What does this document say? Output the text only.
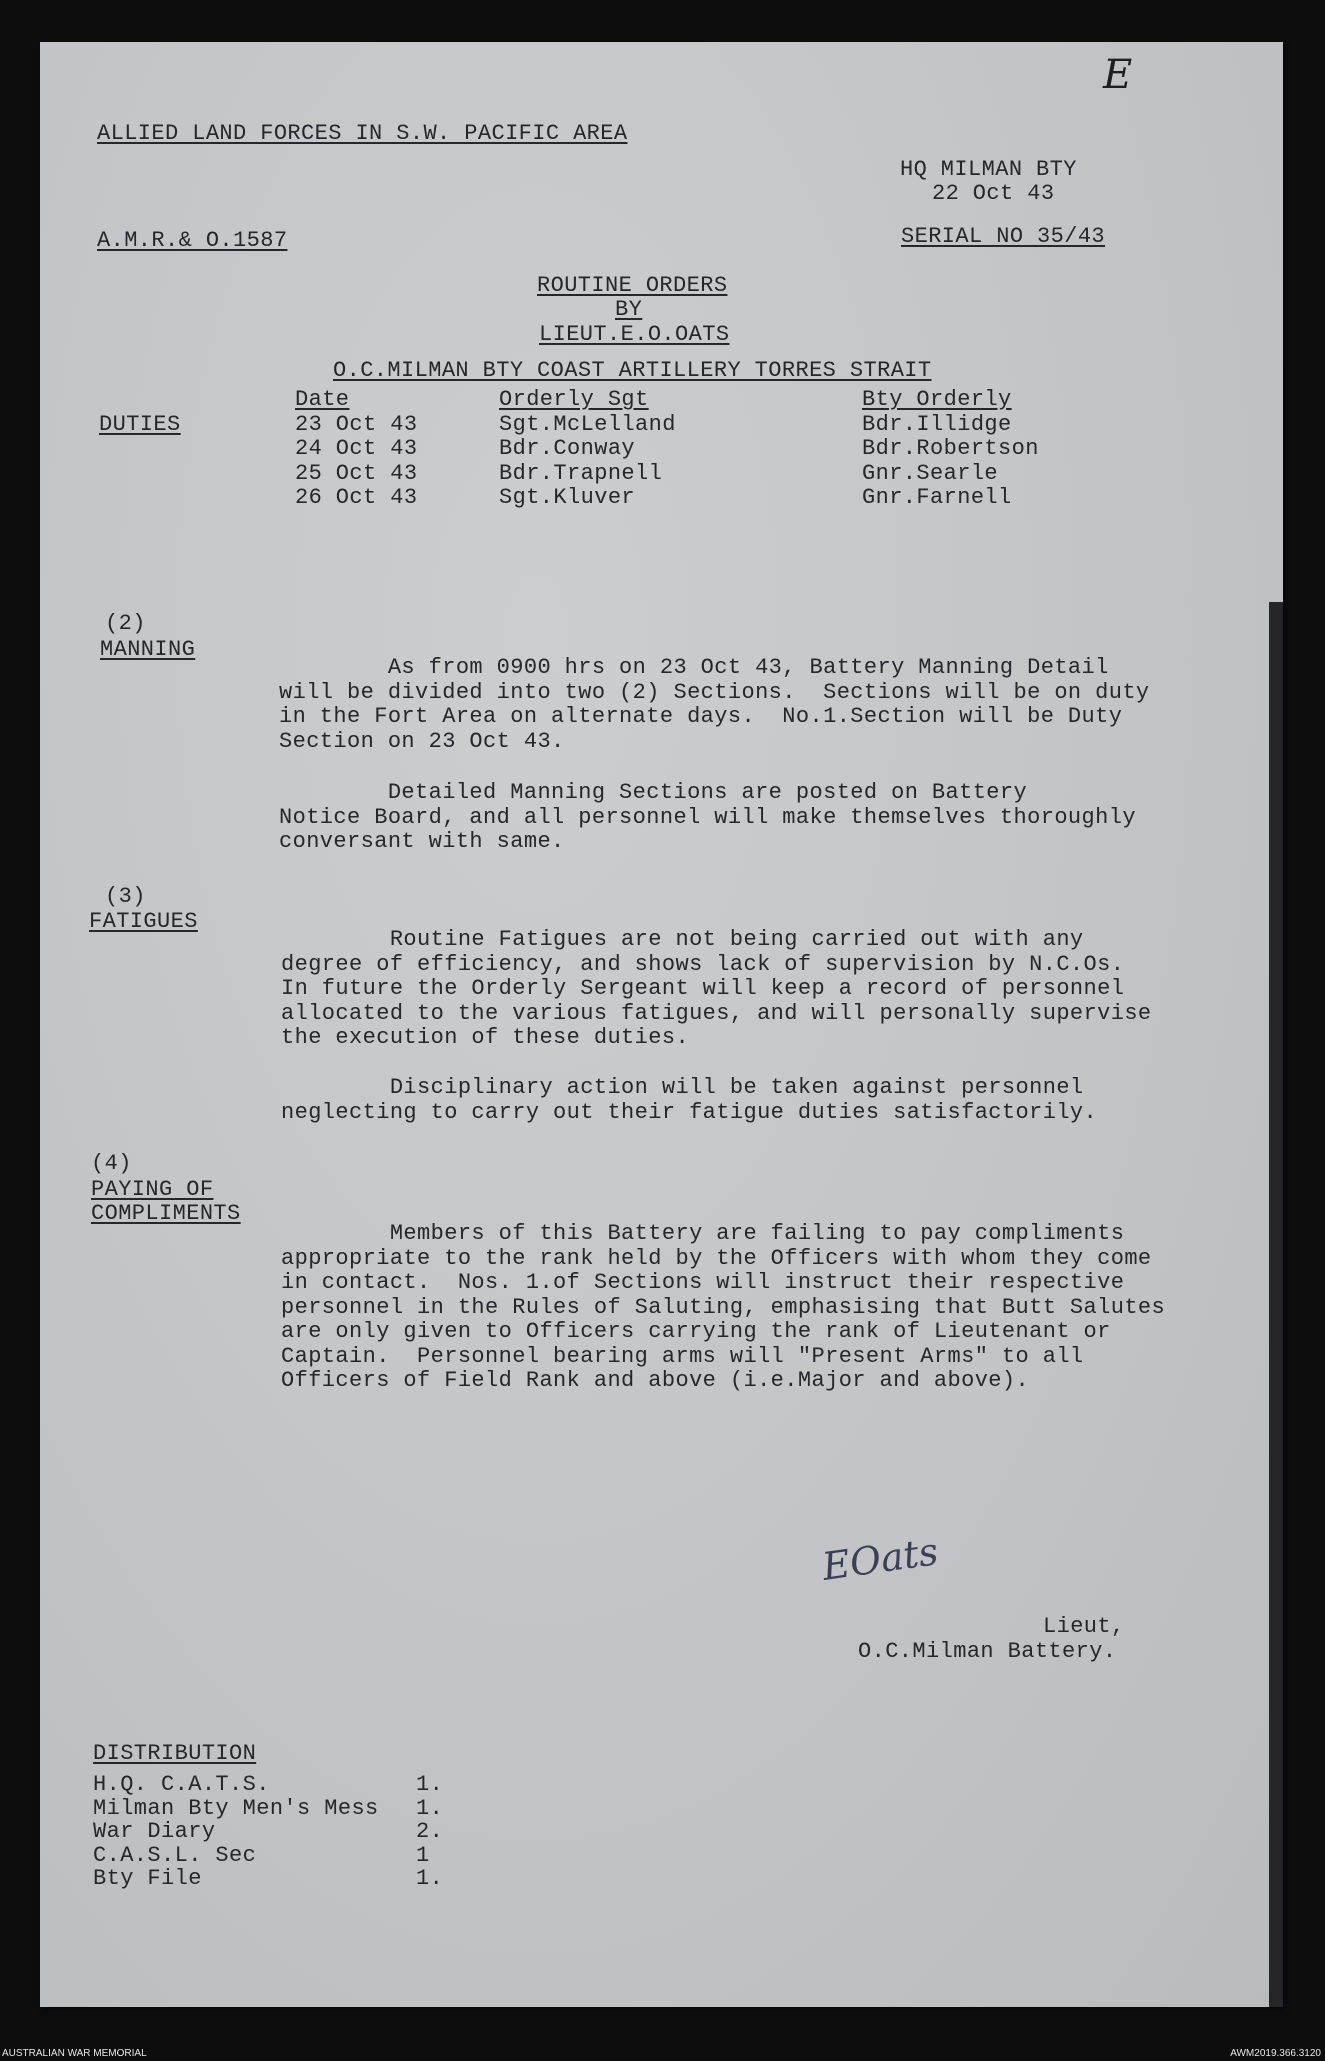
E
ALLIED LAND FORCES IN S.W. PACIFIC AREA
HQ MILMAN BTY
22 Oct 43
A.M.R.& O.1587	SERIAL NO 35/43
ROUTINE ORDERS
BY
LIEUT.E.O.OATS
O.C.MILMAN BTY COAST ARTILLERY TORRES STRAIT
DUTIES
Date	Orderly Sgt	Bty Orderly
23 Oct 43	Sgt.McLelland	Bdr.Illidge
24 Oct 43	Bdr.Conway	Bdr.Robertson
25 Oct 43	Bdr.Trapnell	Gnr.Searle
26 Oct 43	Sgt.Kluver	Gnr.Farnell
(2)
MANNING
As from 0900 hrs on 23 Oct 43, Battery Manning Detail
will be divided into two (2) Sections.  Sections will be on duty
in the Fort Area on alternate days.  No.1.Section will be Duty
Section on 23 Oct 43.
Detailed Manning Sections are posted on Battery
Notice Board, and all personnel will make themselves thoroughly
conversant with same.
(3)
FATIGUES
Routine Fatigues are not being carried out with any
degree of efficiency, and shows lack of supervision by N.C.Os.
In future the Orderly Sergeant will keep a record of personnel
allocated to the various fatigues, and will personally supervise
the execution of these duties.
Disciplinary action will be taken against personnel
neglecting to carry out their fatigue duties satisfactorily.
(4)
PAYING OF
COMPLIMENTS
Members of this Battery are failing to pay compliments
appropriate to the rank held by the Officers with whom they come
in contact.  Nos. 1.of Sections will instruct their respective
personnel in the Rules of Saluting, emphasising that Butt Salutes
are only given to Officers carrying the rank of Lieutenant or
Captain.  Personnel bearing arms will "Present Arms" to all
Officers of Field Rank and above (i.e.Major and above).
EOats
Lieut,
O.C.Milman Battery.
DISTRIBUTION
H.Q. C.A.T.S.	1.
Milman Bty Men's Mess	1.
War Diary	2.
C.A.S.L. Sec	1
Bty File	1.
AUSTRALIAN WAR MEMORIAL	AWM2019.366.3120
